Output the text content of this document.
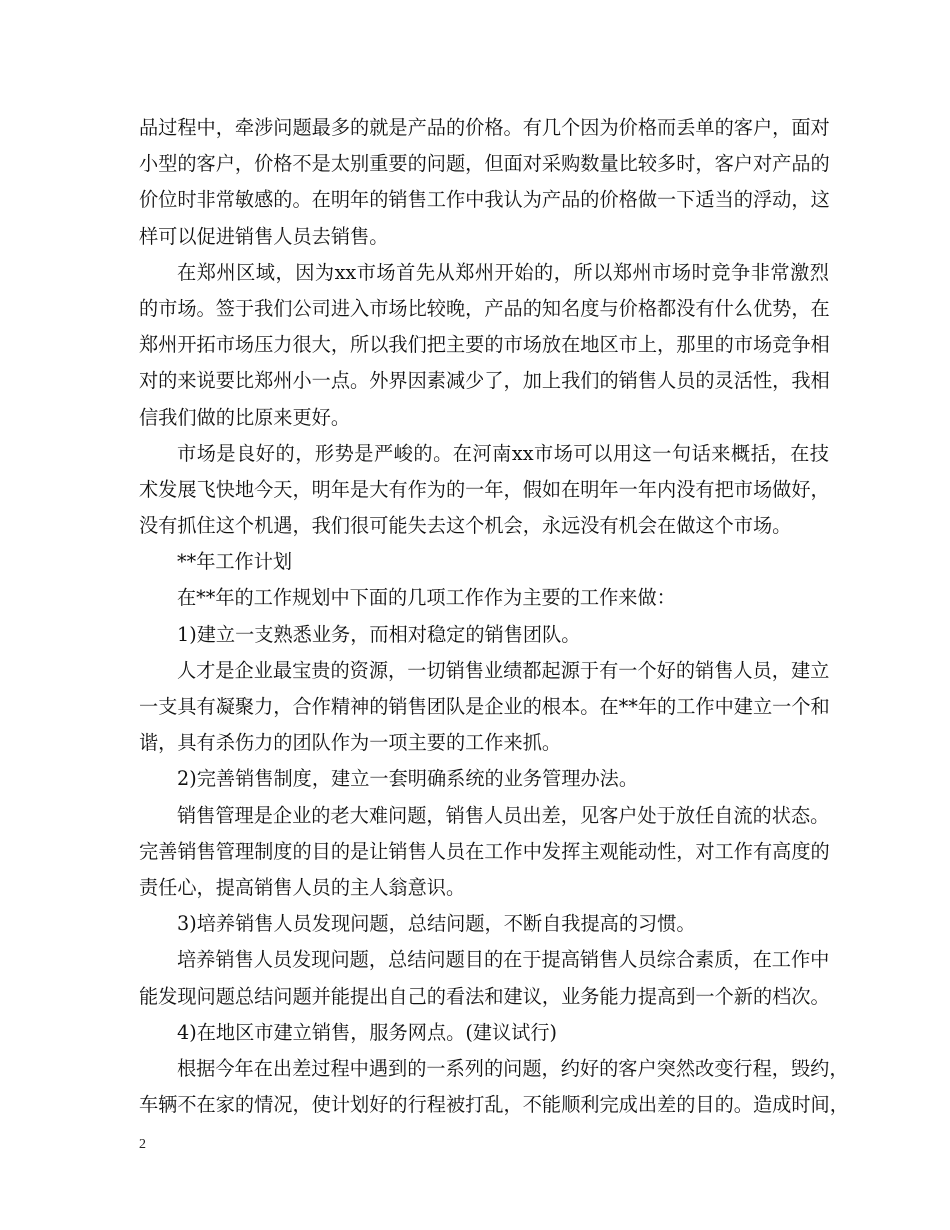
品过程中，牵涉问题最多的就是产品的价格。有几个因为价格而丢单的客户，面对
小型的客户，价格不是太别重要的问题，但面对采购数量比较多时，客户对产品的
价位时非常敏感的。在明年的销售工作中我认为产品的价格做一下适当的浮动，这
样可以促进销售人员去销售。
在郑州区域，因为xx市场首先从郑州开始的，所以郑州市场时竞争非常激烈
的市场。签于我们公司进入市场比较晚，产品的知名度与价格都没有什么优势，在
郑州开拓市场压力很大，所以我们把主要的市场放在地区市上，那里的市场竞争相
对的来说要比郑州小一点。外界因素减少了，加上我们的销售人员的灵活性，我相
信我们做的比原来更好。
市场是良好的，形势是严峻的。在河南xx市场可以用这一句话来概括，在技
术发展飞快地今天，明年是大有作为的一年，假如在明年一年内没有把市场做好，
没有抓住这个机遇，我们很可能失去这个机会，永远没有机会在做这个市场。
**年工作计划
在**年的工作规划中下面的几项工作作为主要的工作来做：
1)建立一支熟悉业务，而相对稳定的销售团队。
人才是企业最宝贵的资源，一切销售业绩都起源于有一个好的销售人员，建立
一支具有凝聚力，合作精神的销售团队是企业的根本。在**年的工作中建立一个和
谐，具有杀伤力的团队作为一项主要的工作来抓。
2)完善销售制度，建立一套明确系统的业务管理办法。
销售管理是企业的老大难问题，销售人员出差，见客户处于放任自流的状态。
完善销售管理制度的目的是让销售人员在工作中发挥主观能动性，对工作有高度的
责任心，提高销售人员的主人翁意识。
3)培养销售人员发现问题，总结问题，不断自我提高的习惯。
培养销售人员发现问题，总结问题目的在于提高销售人员综合素质，在工作中
能发现问题总结问题并能提出自己的看法和建议，业务能力提高到一个新的档次。
4)在地区市建立销售，服务网点。(建议试行)
根据今年在出差过程中遇到的一系列的问题，约好的客户突然改变行程，毁约，
车辆不在家的情况，使计划好的行程被打乱，不能顺利完成出差的目的。造成时间，
2
